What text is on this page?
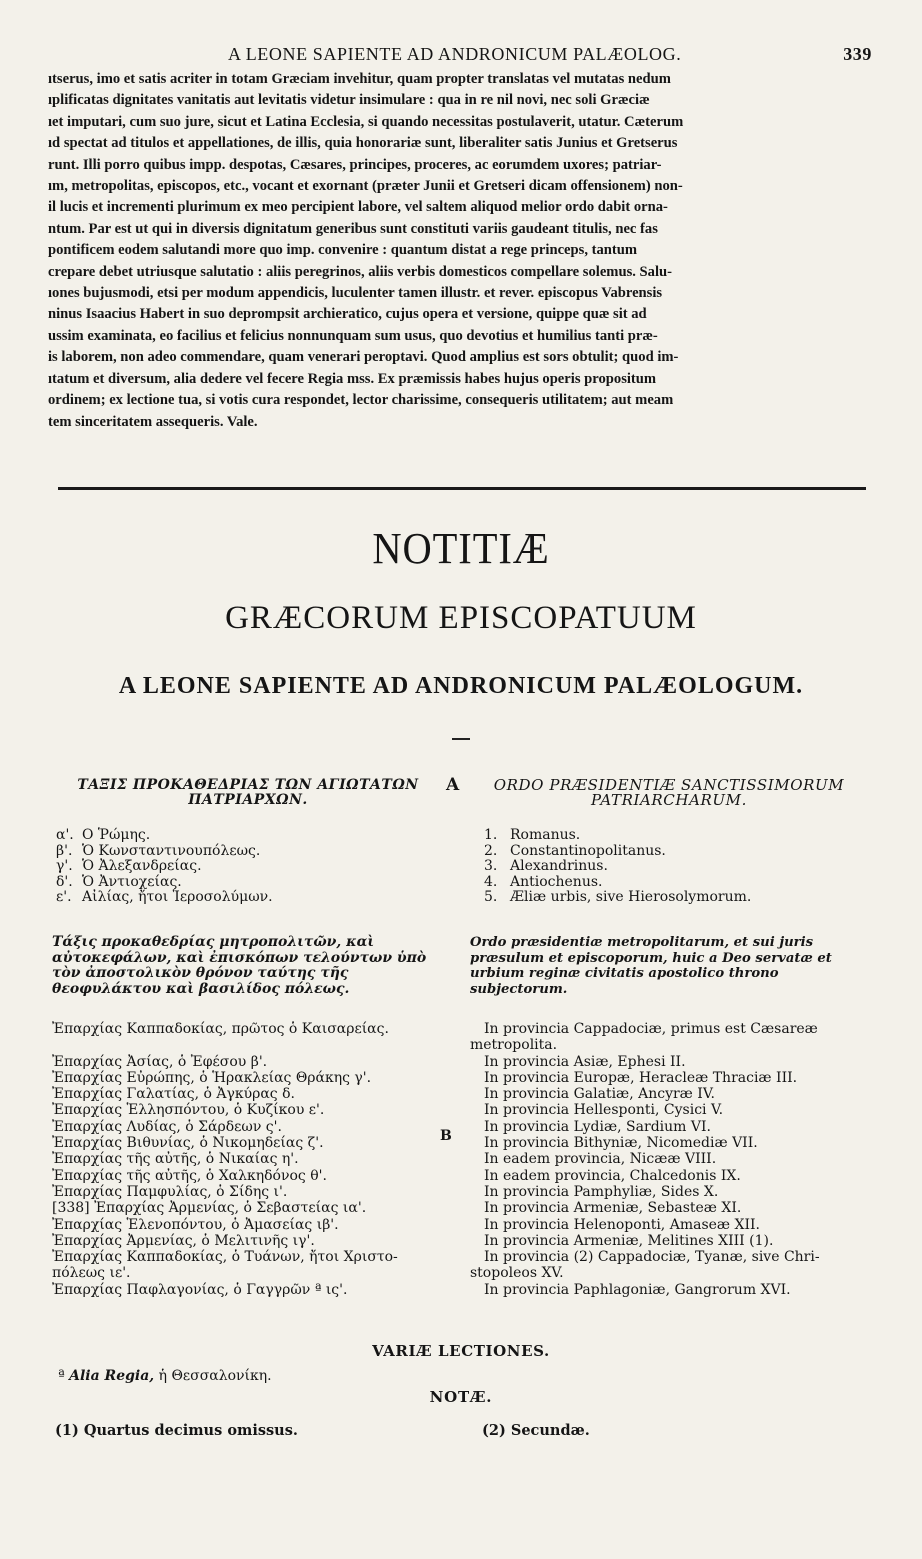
A LEONE SAPIENTE AD ANDRONICUM PALÆOLOG.	339
ıtserus, imo et satis acriter in totam Græciam invehitur, quam propter translatas vel mutatas nedum
ıplificatas dignitates vanitatis aut levitatis videtur insimulare : qua in re nil novi, nec soli Græciæ
ıet imputari, cum suo jure, sicut et Latina Ecclesia, si quando necessitas postulaverit, utatur. Cæterum
ıd spectat ad titulos et appellationes, de illis, quia honorariæ sunt, liberaliter satis Junius et Gretserus
runt. Illi porro quibus impp. despotas, Cæsares, principes, proceres, ac eorumdem uxores; patriar-
ım, metropolitas, episcopos, etc., vocant et exornant (præter Junii et Gretseri dicam offensionem) non-
il lucis et incrementi plurimum ex meo percipient labore, vel saltem aliquod melior ordo dabit orna-
ntum. Par est ut qui in diversis dignitatum generibus sunt constituti variis gaudeant titulis, nec fas
pontificem eodem salutandi more quo imp. convenire : quantum distat a rege princeps, tantum
crepare debet utriusque salutatio : aliis peregrinos, aliis verbis domesticos compellare solemus. Salu-
ıones bujusmodi, etsi per modum appendicis, luculenter tamen illustr. et rever. episcopus Vabrensis
ninus Isaacius Habert in suo deprompsit archieratico, cujus opera et versione, quippe quæ sit ad
ussim examinata, eo facilius et felicius nonnunquam sum usus, quo devotius et humilius tanti præ-
is laborem, non adeo commendare, quam venerari peroptavi. Quod amplius est sors obtulit; quod im-
ıtatum et diversum, alia dedere vel fecere Regia mss. Ex præmissis habes hujus operis propositum
ordinem; ex lectione tua, si votis cura respondet, lector charissime, consequeris utilitatem; aut meam
tem sinceritatem assequeris. Vale.
NOTITIÆ
GRÆCORUM EPISCOPATUUM
A LEONE SAPIENTE AD ANDRONICUM PALÆOLOGUM.
ΤΑΞΙΣ ΠΡΟΚΑΘΕΔΡΙΑΣ ΤΩΝ ΑΓΙΩΤΑΤΩΝ ΠΑΤΡΙΑΡΧΩΝ.
A	ORDO PRÆSIDENTIÆ SANCTISSIMORUM PATRIARCHARUM.
α'. Ο Ῥώμης.
β'. Ὁ Κωνσταντινουπόλεως.
γ'. Ὁ Ἀλεξανδρείας.
δ'. Ὁ Ἀντιοχείας.
ε'. Αἰλίας, ἤτοι Ἱεροσολύμων.
1. Romanus.
2. Constantinopolitanus.
3. Alexandrinus.
4. Antiochenus.
5. Æliæ urbis, sive Hierosolymorum.
Τάξις προκαθεδρίας μητροπολιτῶν, καὶ αὐτοκεφάλων, καὶ ἐπισκόπων τελούντων ὑπὸ τὸν ἀποστολικὸν θρόνον ταύτης τῆς θεοφυλάκτου καὶ βασιλίδος πόλεως.
Ordo præsidentiæ metropolitarum, et sui juris præsulum et episcoporum, huic a Deo servatæ et urbium reginæ civitatis apostolico throno subjectorum.
Ἐπαρχίας Καππαδοκίας, πρῶτος ὁ Καισαρείας.

Ἐπαρχίας Ἀσίας, ὁ Ἐφέσου β'.
Ἐπαρχίας Εὐρώπης, ὁ Ἡρακλείας Θράκης γ'.
Ἐπαρχίας Γαλατίας, ὁ Ἀγκύρας δ.
Ἐπαρχίας Ἑλλησπόντου, ὁ Κυζίκου ε'.
Ἐπαρχίας Λυδίας, ὁ Σάρδεων ς'.
Ἐπαρχίας Βιθυνίας, ὁ Νικομηδείας ζ'.
Ἐπαρχίας τῆς αὐτῆς, ὁ Νικαίας η'.
Ἐπαρχίας τῆς αὐτῆς, ὁ Χαλκηδόνος θ'.
Ἐπαρχίας Παμφυλίας, ὁ Σίδης ι'.
[338] Ἐπαρχίας Ἀρμενίας, ὁ Σεβαστείας ια'.
Ἐπαρχίας Ἑλενοπόντου, ὁ Ἀμασείας ιβ'.
Ἐπαρχίας Ἀρμενίας, ὁ Μελιτινῆς ιγ'.
Ἐπαρχίας Καππαδοκίας, ὁ Τυάνων, ἤτοι Χριστο-
πόλεως ιε'.
Ἐπαρχίας Παφλαγονίας, ὁ Γαγγρῶν ª ις'.
B
In provincia Cappadociæ, primus est Cæsareæ
metropolita.
In provincia Asiæ, Ephesi II.
In provincia Europæ, Heracleæ Thraciæ III.
In provincia Galatiæ, Ancyræ IV.
In provincia Hellesponti, Cysici V.
In provincia Lydiæ, Sardium VI.
In provincia Bithyniæ, Nicomediæ VII.
In eadem provincia, Nicææ VIII.
In eadem provincia, Chalcedonis IX.
In provincia Pamphyliæ, Sides X.
In provincia Armeniæ, Sebasteæ XI.
In provincia Helenoponti, Amaseæ XII.
In provincia Armeniæ, Melitines XIII (1).
In provincia (2) Cappadociæ, Tyanæ, sive Chri-
stopoleos XV.
In provincia Paphlagoniæ, Gangrorum XVI.
VARIÆ LECTIONES.
ª Alia Regia, ἡ Θεσσαλονίκη.
NOTÆ.
(1) Quartus decimus omissus.	(2) Secundæ.
